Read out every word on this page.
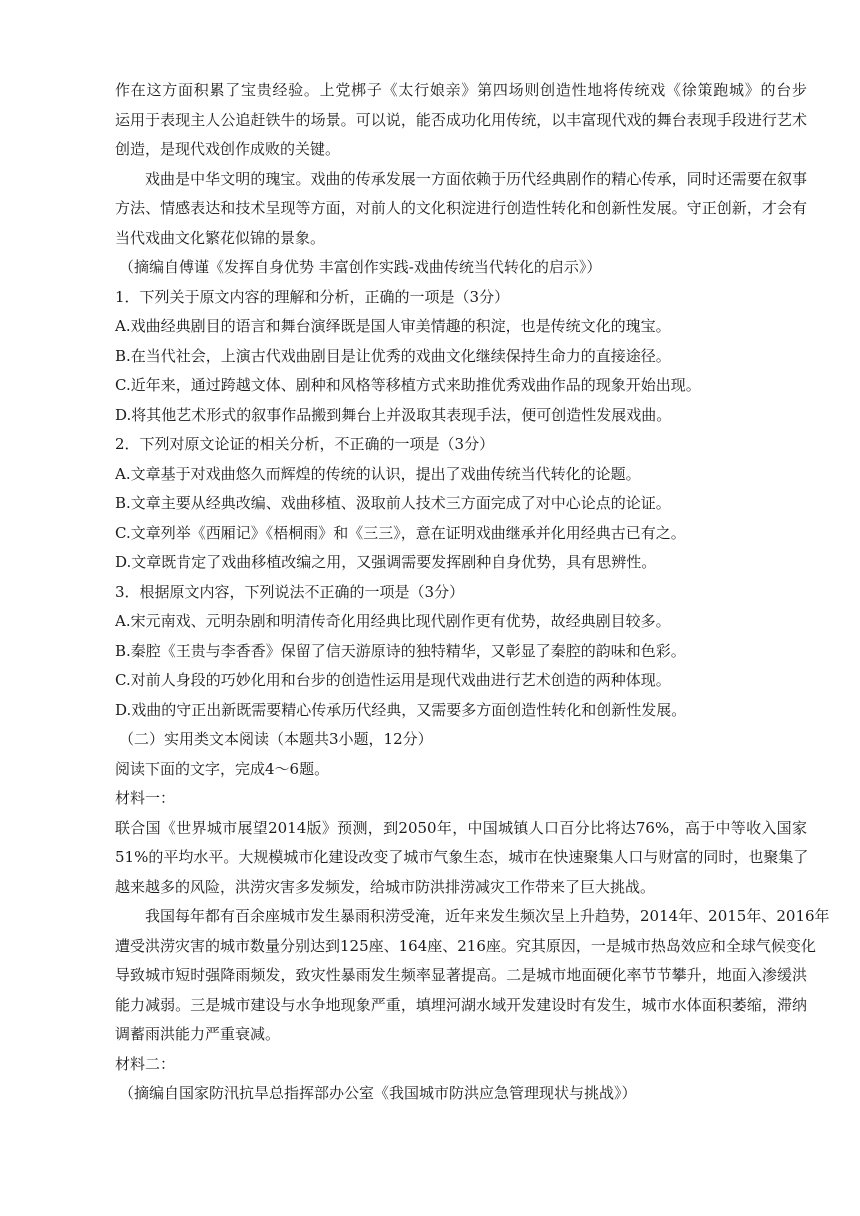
作在这方面积累了宝贵经验。上党梆子《太行娘亲》第四场则创造性地将传统戏《徐策跑城》的台步
运用于表现主人公追赶铁牛的场景。可以说，能否成功化用传统，以丰富现代戏的舞台表现手段进行艺术
创造，是现代戏创作成败的关键。
戏曲是中华文明的瑰宝。戏曲的传承发展一方面依赖于历代经典剧作的精心传承，同时还需要在叙事
方法、情感表达和技术呈现等方面，对前人的文化积淀进行创造性转化和创新性发展。守正创新，才会有
当代戏曲文化繁花似锦的景象。
（摘编自傅谨《发挥自身优势 丰富创作实践-戏曲传统当代转化的启示》）
1．下列关于原文内容的理解和分析，正确的一项是（3分）
A.戏曲经典剧目的语言和舞台演绎既是国人审美情趣的积淀，也是传统文化的瑰宝。
B.在当代社会，上演古代戏曲剧目是让优秀的戏曲文化继续保持生命力的直接途径。
C.近年来，通过跨越文体、剧种和风格等移植方式来助推优秀戏曲作品的现象开始出现。
D.将其他艺术形式的叙事作品搬到舞台上并汲取其表现手法，便可创造性发展戏曲。
2．下列对原文论证的相关分析，不正确的一项是（3分）
A.文章基于对戏曲悠久而辉煌的传统的认识，提出了戏曲传统当代转化的论题。
B.文章主要从经典改编、戏曲移植、汲取前人技术三方面完成了对中心论点的论证。
C.文章列举《西厢记》《梧桐雨》和《三三》，意在证明戏曲继承并化用经典古已有之。
D.文章既肯定了戏曲移植改编之用，又强调需要发挥剧种自身优势，具有思辨性。
3．根据原文内容，下列说法不正确的一项是（3分）
A.宋元南戏、元明杂剧和明清传奇化用经典比现代剧作更有优势，故经典剧目较多。
B.秦腔《王贵与李香香》保留了信天游原诗的独特精华，又彰显了秦腔的韵味和色彩。
C.对前人身段的巧妙化用和台步的创造性运用是现代戏曲进行艺术创造的两种体现。
D.戏曲的守正出新既需要精心传承历代经典，又需要多方面创造性转化和创新性发展。
（二）实用类文本阅读（本题共3小题，12分）
阅读下面的文字，完成4～6题。
材料一：
联合国《世界城市展望2014版》预测，到2050年，中国城镇人口百分比将达76%，高于中等收入国家
51%的平均水平。大规模城市化建设改变了城市气象生态，城市在快速聚集人口与财富的同时，也聚集了
越来越多的风险，洪涝灾害多发频发，给城市防洪排涝减灾工作带来了巨大挑战。
我国每年都有百余座城市发生暴雨积涝受淹，近年来发生频次呈上升趋势，2014年、2015年、2016年
遭受洪涝灾害的城市数量分别达到125座、164座、216座。究其原因，一是城市热岛效应和全球气候变化
导致城市短时强降雨频发，致灾性暴雨发生频率显著提高。二是城市地面硬化率节节攀升，地面入渗缓洪
能力减弱。三是城市建设与水争地现象严重，填埋河湖水域开发建设时有发生，城市水体面积萎缩，滞纳
调蓄雨洪能力严重衰减。
材料二：
（摘编自国家防汛抗旱总指挥部办公室《我国城市防洪应急管理现状与挑战》）
